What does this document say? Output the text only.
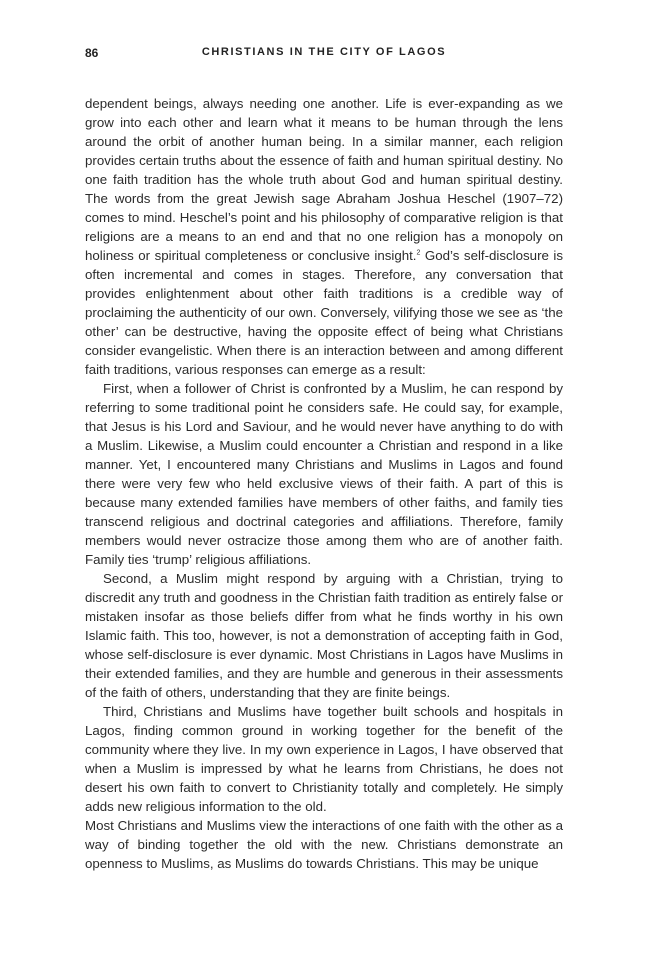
86	CHRISTIANS IN THE CITY OF LAGOS

dependent beings, always needing one another. Life is ever-expanding as we grow into each other and learn what it means to be human through the lens around the orbit of another human being. In a similar manner, each religion provides certain truths about the essence of faith and human spiritual destiny. No one faith tradition has the whole truth about God and human spiritual destiny. The words from the great Jewish sage Abraham Joshua Heschel (1907–72) comes to mind. Heschel’s point and his philosophy of comparative religion is that religions are a means to an end and that no one religion has a monopoly on holiness or spiritual completeness or conclusive insight.$^2$ God’s self-disclosure is often incremental and comes in stages. Therefore, any conversation that provides enlightenment about other faith traditions is a credible way of proclaiming the authenticity of our own. Conversely, vilifying those we see as ‘the other’ can be destructive, having the opposite effect of being what Christians consider evangelistic. When there is an interaction between and among different faith traditions, various responses can emerge as a result:

First, when a follower of Christ is confronted by a Muslim, he can respond by referring to some traditional point he considers safe. He could say, for example, that Jesus is his Lord and Saviour, and he would never have anything to do with a Muslim. Likewise, a Muslim could encounter a Christian and respond in a like manner. Yet, I encountered many Christians and Muslims in Lagos and found there were very few who held exclusive views of their faith. A part of this is because many extended families have members of other faiths, and family ties transcend religious and doctrinal categories and affiliations. Therefore, family members would never ostracize those among them who are of another faith. Family ties ‘trump’ religious affiliations.

Second, a Muslim might respond by arguing with a Christian, trying to discredit any truth and goodness in the Christian faith tradition as entirely false or mistaken insofar as those beliefs differ from what he finds worthy in his own Islamic faith. This too, however, is not a demonstration of accepting faith in God, whose self-disclosure is ever dynamic. Most Christians in Lagos have Muslims in their extended families, and they are humble and generous in their assessments of the faith of others, understanding that they are finite beings.

Third, Christians and Muslims have together built schools and hospitals in Lagos, finding common ground in working together for the benefit of the community where they live. In my own experience in Lagos, I have observed that when a Muslim is impressed by what he learns from Christians, he does not desert his own faith to convert to Christianity totally and completely. He simply adds new religious information to the old.

Most Christians and Muslims view the interactions of one faith with the other as a way of binding together the old with the new. Christians demonstrate an openness to Muslims, as Muslims do towards Christians. This may be unique
